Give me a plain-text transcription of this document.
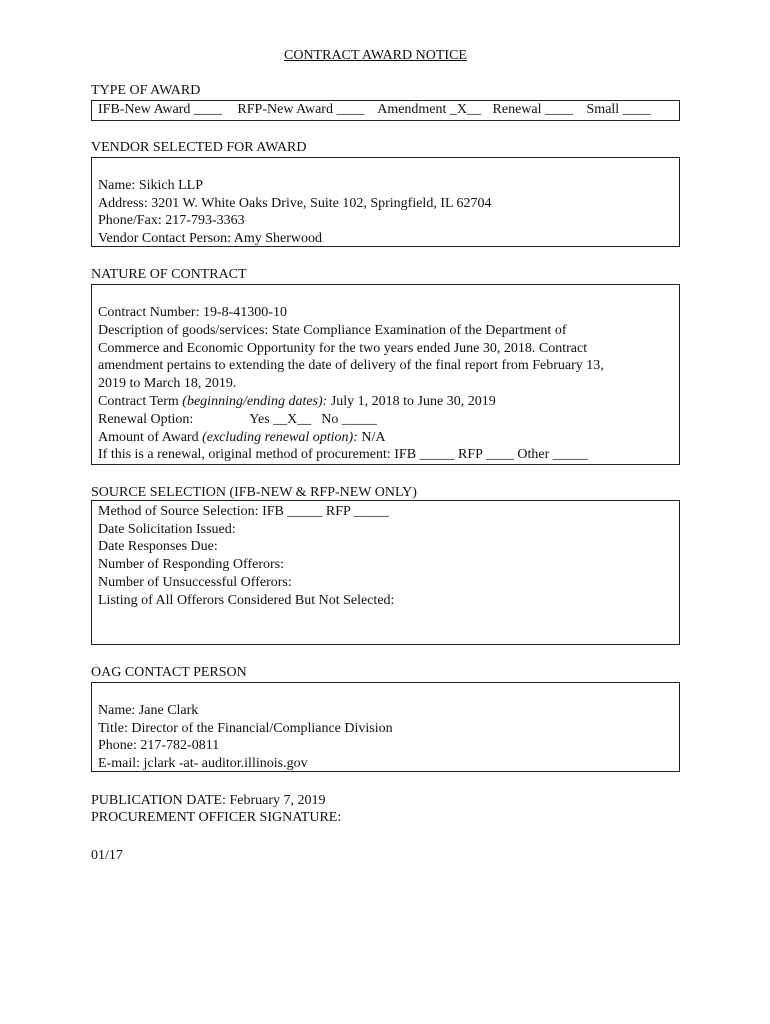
CONTRACT AWARD NOTICE
TYPE OF AWARD
IFB-New Award ____ RFP-New Award ____ Amendment _X__ Renewal ____ Small ____
VENDOR SELECTED FOR AWARD
Name: Sikich LLP
Address: 3201 W. White Oaks Drive, Suite 102, Springfield, IL 62704
Phone/Fax: 217-793-3363
Vendor Contact Person: Amy Sherwood
NATURE OF CONTRACT
Contract Number: 19-8-41300-10
Description of goods/services: State Compliance Examination of the Department of
Commerce and Economic Opportunity for the two years ended June 30, 2018. Contract
amendment pertains to extending the date of delivery of the final report from February 13,
2019 to March 18, 2019.
Contract Term (beginning/ending dates): July 1, 2018 to June 30, 2019
Renewal Option:	Yes __X__ No _____
Amount of Award (excluding renewal option): N/A
If this is a renewal, original method of procurement: IFB _____ RFP ____ Other _____
SOURCE SELECTION (IFB-NEW & RFP-NEW ONLY)
Method of Source Selection: IFB _____ RFP _____
Date Solicitation Issued:
Date Responses Due:
Number of Responding Offerors:
Number of Unsuccessful Offerors:
Listing of All Offerors Considered But Not Selected:
OAG CONTACT PERSON
Name: Jane Clark
Title: Director of the Financial/Compliance Division
Phone: 217-782-0811
E-mail: jclark -at- auditor.illinois.gov
PUBLICATION DATE: February 7, 2019
PROCUREMENT OFFICER SIGNATURE:
01/17
